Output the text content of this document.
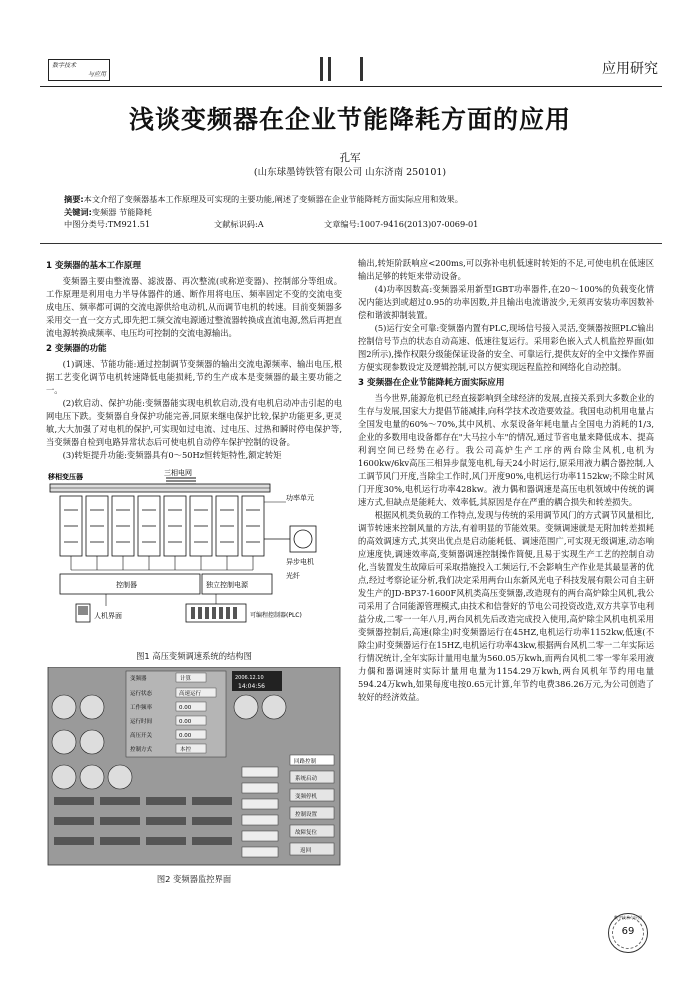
数字技术
与应用	应用研究
浅谈变频器在企业节能降耗方面的应用
孔军
(山东球墨铸铁管有限公司 山东济南 250101)
摘要:本文介绍了变频器基本工作原理及可实现的主要功能,阐述了变频器在企业节能降耗方面实际应用和效果。
关键词:变频器 节能降耗
中图分类号:TM921.51	文献标识码:A	文章编号:1007-9416(2013)07-0069-01
1 变频器的基本工作原理

变频器主要由整流器、滤波器、再次整流(或称逆变器)、控制部分等组成。工作原理是利用电力半导体器件的通、断作用将电压、频率固定不变的交流电变成电压、频率都可调的交流电源供给电动机,从而调节电机的转速。目前变频器多采用交一直一交方式,即先把工频交流电源通过整流器转换成直流电源,然后再把直流电源转换成频率、电压均可控制的交流电源输出。

2 变频器的功能

(1)调速、节能功能:通过控制调节变频器的输出交流电源频率、输出电压,根据工艺变化调节电机转速降低电能损耗,节约生产成本是变频器的最主要功能之一。

(2)软启动、保护功能:变频器能实现电机软启动,没有电机启动冲击引起的电网电压下跌。变频器自身保护功能完善,同原来继电保护比较,保护功能更多,更灵敏,大大加强了对电机的保护,可实现如过电流、过电压、过热和瞬时停电保护等,当变频器自检到电路异常状态后可使电机自动停车保护控制的设备。

(3)转矩提升功能:变频器具有0～50Hz恒转矩特性,额定转矩

移相变压器	三相电网
功率单元
异步电机
光纤
控制器	独立控制电源
人机界面	可编程控制器(PLC)
图1 高压变频调速系统的结构图
变频器	计算
运行状态	高速运行
工作频率	0.00
运行时间	0.00
高压开关	0.00
控制方式	本控
2006.12.10
14:04:56
回路控制
系统启动
变频停机
控制设置
故障复位
返回
图2 变频器监控界面

输出,转矩阶跃响应<200ms,可以弥补电机低速时转矩的不足,可使电机在低速区输出足够的转矩来带动设备。

(4)功率因数高:变频器采用新型IGBT功率器件,在20～100%的负载变化情况内能达到或超过0.95的功率因数,并且输出电流谐波少,无须再安装功率因数补偿和谐波抑制装置。

(5)运行安全可靠:变频器内置有PLC,现场信号接入灵活,变频器按照PLC输出控制信号节点的状态自动高速、低速往复运行。采用彩色嵌入式人机监控界面(如图2所示),操作权限分级能保证设备的安全、可靠运行,提供友好的全中文操作界面方便实现参数设定及逻辑控制,可以方便实现远程监控和网络化自动控制。

3 变频器在企业节能降耗方面实际应用

当今世界,能源危机已经直接影响到全球经济的发展,直接关系到大多数企业的生存与发展,国家大力提倡节能减排,向科学技术改造要效益。我国电动机用电量占全国发电量的60%～70%,其中风机、水泵设备年耗电量占全国电力消耗的1/3,企业的多数用电设备都存在"大马拉小车"的情况,通过节省电量来降低成本、提高利润空间已经势在必行。我公司高炉生产工序的两台除尘风机,电机为1600kw/6kv高压三相异步鼠笼电机,每天24小时运行,原采用液力耦合器控制,人工调节风门开度,当除尘工作时,风门开度90%,电机运行功率1152kw;不除尘时风门开度30%,电机运行功率428kw。液力偶和器调速是高压电机领域中传统的调速方式,但缺点是能耗大、效率低,其原因是存在严重的耦合损失和转差损失。

根据风机类负载的工作特点,发现与传统的采用调节风门的方式调节风量相比,调节转速来控制风量的方法,有着明显的节能效果。变频调速就是无附加转差损耗的高效调速方式,其突出优点是启动能耗低、调速范围广,可实现无级调速,动态响应速度快,调速效率高,变频器调速控制操作简便,且易于实现生产工艺的控制自动化,当装置发生故障后可采取措施投入工频运行,不会影响生产作业是其最显著的优点,经过考察论证分析,我们决定采用两台山东新风光电子科技发展有限公司自主研发生产的JD-BP37-1600F风机类高压变频器,改造现有的两台高炉除尘风机,我公司采用了合同能源管理模式,由技术和信誉好的节电公司投资改造,双方共享节电利益分成,二零一一年八月,两台风机先后改造完成投入使用,高炉除尘风机电机采用变频器控制后,高速(除尘)时变频器运行在45HZ,电机运行功率1152kw,低速(不除尘)时变频器运行在15HZ,电机运行功率43kw,根据两台风机二零一二年实际运行情况统计,全年实际计量用电量为560.05万kwh,而两台风机二零一零年采用液力偶和器调速时实际计量用电量为1154.29万kwh,两台风机年节约用电量594.24万kwh,如果每度电按0.65元计算,年节约电费386.26万元,为公司创造了较好的经济效益。

69
数字技术与应用
